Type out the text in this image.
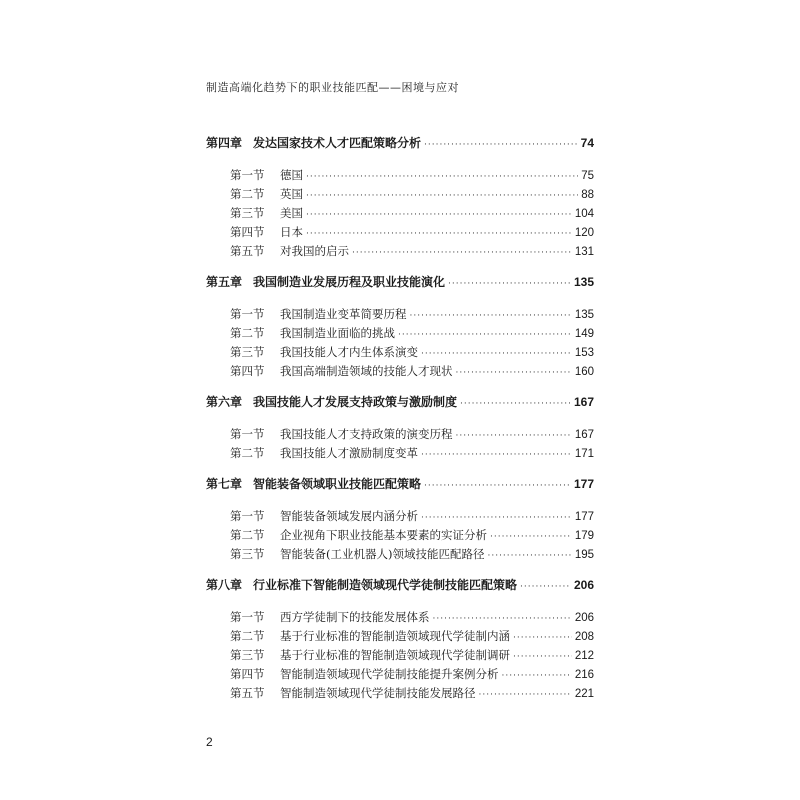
制造高端化趋势下的职业技能匹配——困境与应对
第四章 发达国家技术人才匹配策略分析 ·····	74
第一节	德国 ·····	75
第二节	英国 ·····	88
第三节	美国 ·····	104
第四节	日本 ·····	120
第五节	对我国的启示 ·····	131
第五章 我国制造业发展历程及职业技能演化 ·····	135
第一节	我国制造业变革简要历程 ·····	135
第二节	我国制造业面临的挑战 ·····	149
第三节	我国技能人才内生体系演变 ·····	153
第四节	我国高端制造领域的技能人才现状 ·····	160
第六章 我国技能人才发展支持政策与激励制度 ·····	167
第一节	我国技能人才支持政策的演变历程 ·····	167
第二节	我国技能人才激励制度变革 ·····	171
第七章 智能装备领域职业技能匹配策略 ·····	177
第一节	智能装备领域发展内涵分析 ·····	177
第二节	企业视角下职业技能基本要素的实证分析 ·····	179
第三节	智能装备(工业机器人)领域技能匹配路径 ·····	195
第八章 行业标准下智能制造领域现代学徒制技能匹配策略 ·····	206
第一节	西方学徒制下的技能发展体系 ·····	206
第二节	基于行业标准的智能制造领域现代学徒制内涵 ·····	208
第三节	基于行业标准的智能制造领域现代学徒制调研 ·····	212
第四节	智能制造领域现代学徒制技能提升案例分析 ·····	216
第五节	智能制造领域现代学徒制技能发展路径 ·····	221
2
